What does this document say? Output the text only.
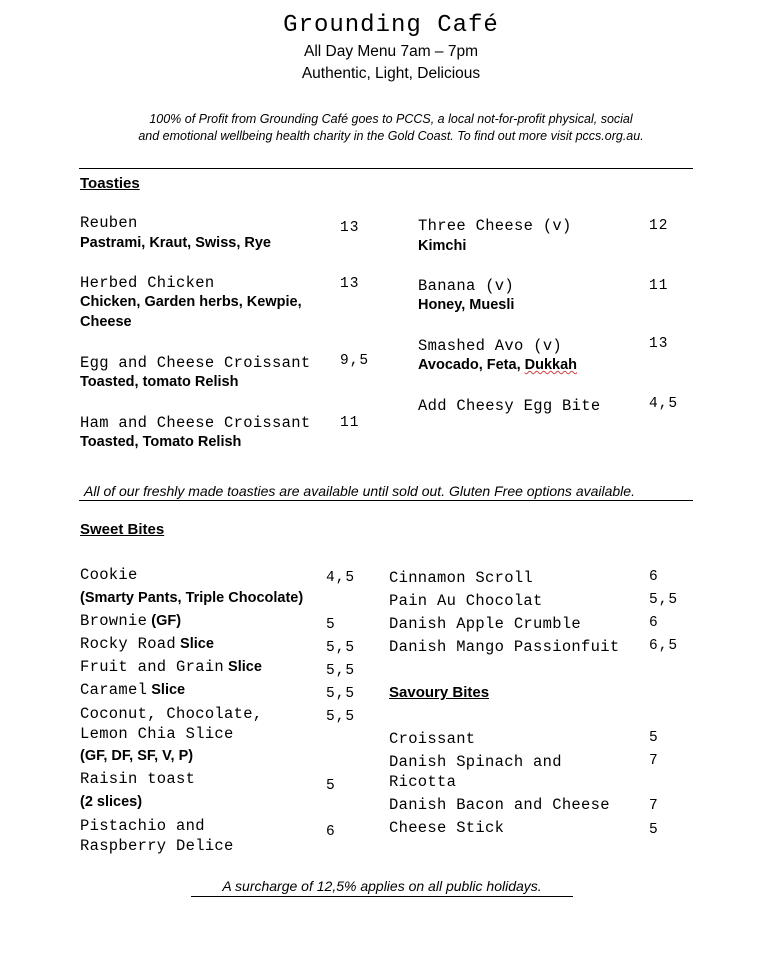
Grounding Café
All Day Menu 7am – 7pm
Authentic, Light, Delicious
100% of Profit from Grounding Café goes to PCCS, a local not-for-profit physical, social
and emotional wellbeing health charity in the Gold Coast. To find out more visit pccs.org.au.
Toasties
Reuben
Pastrami, Kraut, Swiss, Rye
13
Herbed Chicken
Chicken, Garden herbs, Kewpie,
Cheese
13
Egg and Cheese Croissant
Toasted, tomato Relish
9,5
Ham and Cheese Croissant
Toasted, Tomato Relish
11
Three Cheese (v)
Kimchi
12
Banana (v)
Honey, Muesli
11
Smashed Avo (v)
Avocado, Feta, Dukkah
13
Add Cheesy Egg Bite	4,5
All of our freshly made toasties are available until sold out. Gluten Free options available.
Sweet Bites
Cookie	4,5
(Smarty Pants, Triple Chocolate)
Brownie (GF)	5
Rocky Road Slice	5,5
Fruit and Grain Slice	5,5
Caramel Slice	5,5
Coconut, Chocolate,	5,5
Lemon Chia Slice
(GF, DF, SF, V, P)
Raisin toast	5
(2 slices)
Pistachio and	6
Raspberry Delice
Cinnamon Scroll	6
Pain Au Chocolat	5,5
Danish Apple Crumble	6
Danish Mango Passionfuit 6,5
Savoury Bites
Croissant	5
Danish Spinach and	7
Ricotta
Danish Bacon and Cheese	7
Cheese Stick	5
A surcharge of 12,5% applies on all public holidays.
